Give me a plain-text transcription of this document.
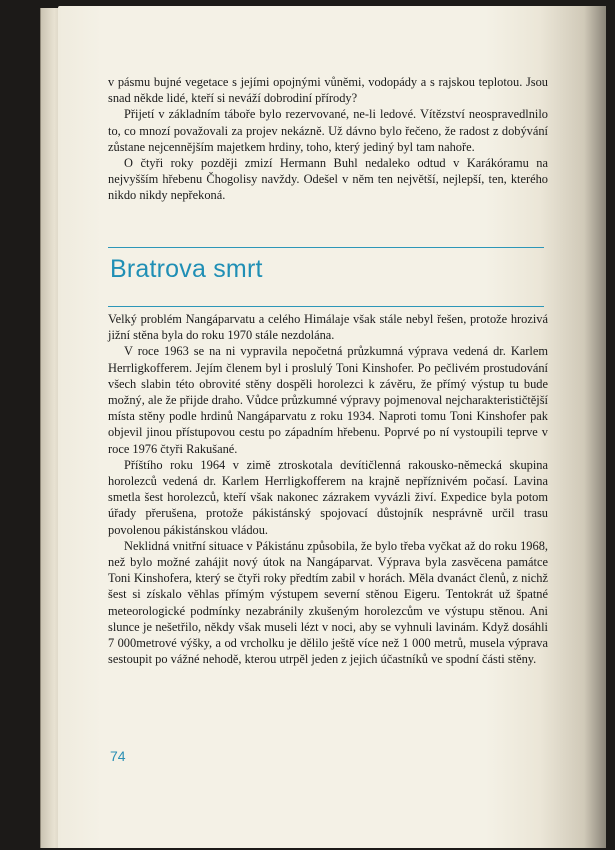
v pásmu bujné vegetace s jejími opojnými vůněmi, vodopády a s rajskou teplotou. Jsou snad někde lidé, kteří si neváží dobrodiní přírody?

Přijetí v základním táboře bylo rezervované, ne-li ledové. Vítězství neospravedlnilo to, co mnozí považovali za projev nekázně. Už dávno bylo řečeno, že radost z dobývání zůstane nejcennějším majetkem hrdiny, toho, který jediný byl tam nahoře.

O čtyři roky později zmizí Hermann Buhl nedaleko odtud v Karákóramu na nejvyšším hřebenu Čhogolisy navždy. Odešel v něm ten největší, nejlepší, ten, kterého nikdo nikdy nepřekoná.

Bratrova smrt

Velký problém Nangáparvatu a celého Himálaje však stále nebyl řešen, protože hrozivá jižní stěna byla do roku 1970 stále nezdolána.

V roce 1963 se na ni vypravila nepočetná průzkumná výprava vedená dr. Karlem Herrligkofferem. Jejím členem byl i proslulý Toni Kinshofer. Po pečlivém prostudování všech slabin této obrovité stěny dospěli horolezci k závěru, že přímý výstup tu bude možný, ale že přijde draho. Vůdce průzkumné výpravy pojmenoval nejcharakterističtější místa stěny podle hrdinů Nangáparvatu z roku 1934. Naproti tomu Toni Kinshofer pak objevil jinou přístupovou cestu po západním hřebenu. Poprvé po ní vystoupili teprve v roce 1976 čtyři Rakušané.

Příštího roku 1964 v zimě ztroskotala devítičlenná rakousko-německá skupina horolezců vedená dr. Karlem Herrligkofferem na krajně nepříznivém počasí. Lavina smetla šest horolezců, kteří však nakonec zázrakem vyvázli živí. Expedice byla potom úřady přerušena, protože pákistánský spojovací důstojník nesprávně určil trasu povolenou pákistánskou vládou.

Neklidná vnitřní situace v Pákistánu způsobila, že bylo třeba vyčkat až do roku 1968, než bylo možné zahájit nový útok na Nangáparvat. Výprava byla zasvěcena památce Toni Kinshofera, který se čtyři roky předtím zabil v horách. Měla dvanáct členů, z nichž šest si získalo věhlas přímým výstupem severní stěnou Eigeru. Tentokrát už špatné meteorologické podmínky nezabránily zkušeným horolezcům ve výstupu stěnou. Ani slunce je nešetřilo, někdy však museli lézt v noci, aby se vyhnuli lavinám. Když dosáhli 7 000metrové výšky, a od vrcholku je dělilo ještě více než 1 000 metrů, musela výprava sestoupit po vážné nehodě, kterou utrpěl jeden z jejich účastníků ve spodní části stěny.

74
